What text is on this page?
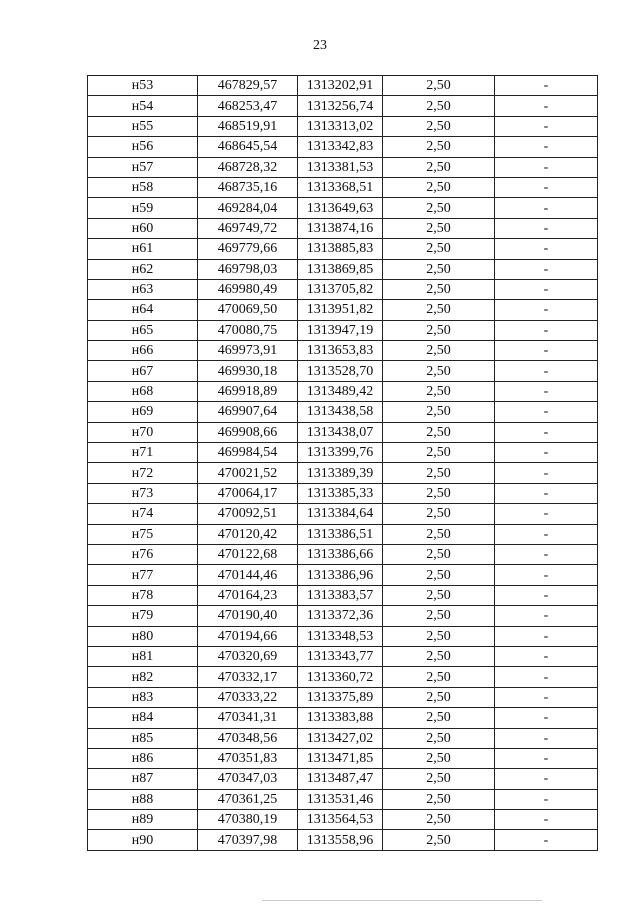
23
н53	467829,57	1313202,91	2,50	-
н54	468253,47	1313256,74	2,50	-
н55	468519,91	1313313,02	2,50	-
н56	468645,54	1313342,83	2,50	-
н57	468728,32	1313381,53	2,50	-
н58	468735,16	1313368,51	2,50	-
н59	469284,04	1313649,63	2,50	-
н60	469749,72	1313874,16	2,50	-
н61	469779,66	1313885,83	2,50	-
н62	469798,03	1313869,85	2,50	-
н63	469980,49	1313705,82	2,50	-
н64	470069,50	1313951,82	2,50	-
н65	470080,75	1313947,19	2,50	-
н66	469973,91	1313653,83	2,50	-
н67	469930,18	1313528,70	2,50	-
н68	469918,89	1313489,42	2,50	-
н69	469907,64	1313438,58	2,50	-
н70	469908,66	1313438,07	2,50	-
н71	469984,54	1313399,76	2,50	-
н72	470021,52	1313389,39	2,50	-
н73	470064,17	1313385,33	2,50	-
н74	470092,51	1313384,64	2,50	-
н75	470120,42	1313386,51	2,50	-
н76	470122,68	1313386,66	2,50	-
н77	470144,46	1313386,96	2,50	-
н78	470164,23	1313383,57	2,50	-
н79	470190,40	1313372,36	2,50	-
н80	470194,66	1313348,53	2,50	-
н81	470320,69	1313343,77	2,50	-
н82	470332,17	1313360,72	2,50	-
н83	470333,22	1313375,89	2,50	-
н84	470341,31	1313383,88	2,50	-
н85	470348,56	1313427,02	2,50	-
н86	470351,83	1313471,85	2,50	-
н87	470347,03	1313487,47	2,50	-
н88	470361,25	1313531,46	2,50	-
н89	470380,19	1313564,53	2,50	-
н90	470397,98	1313558,96	2,50	-
